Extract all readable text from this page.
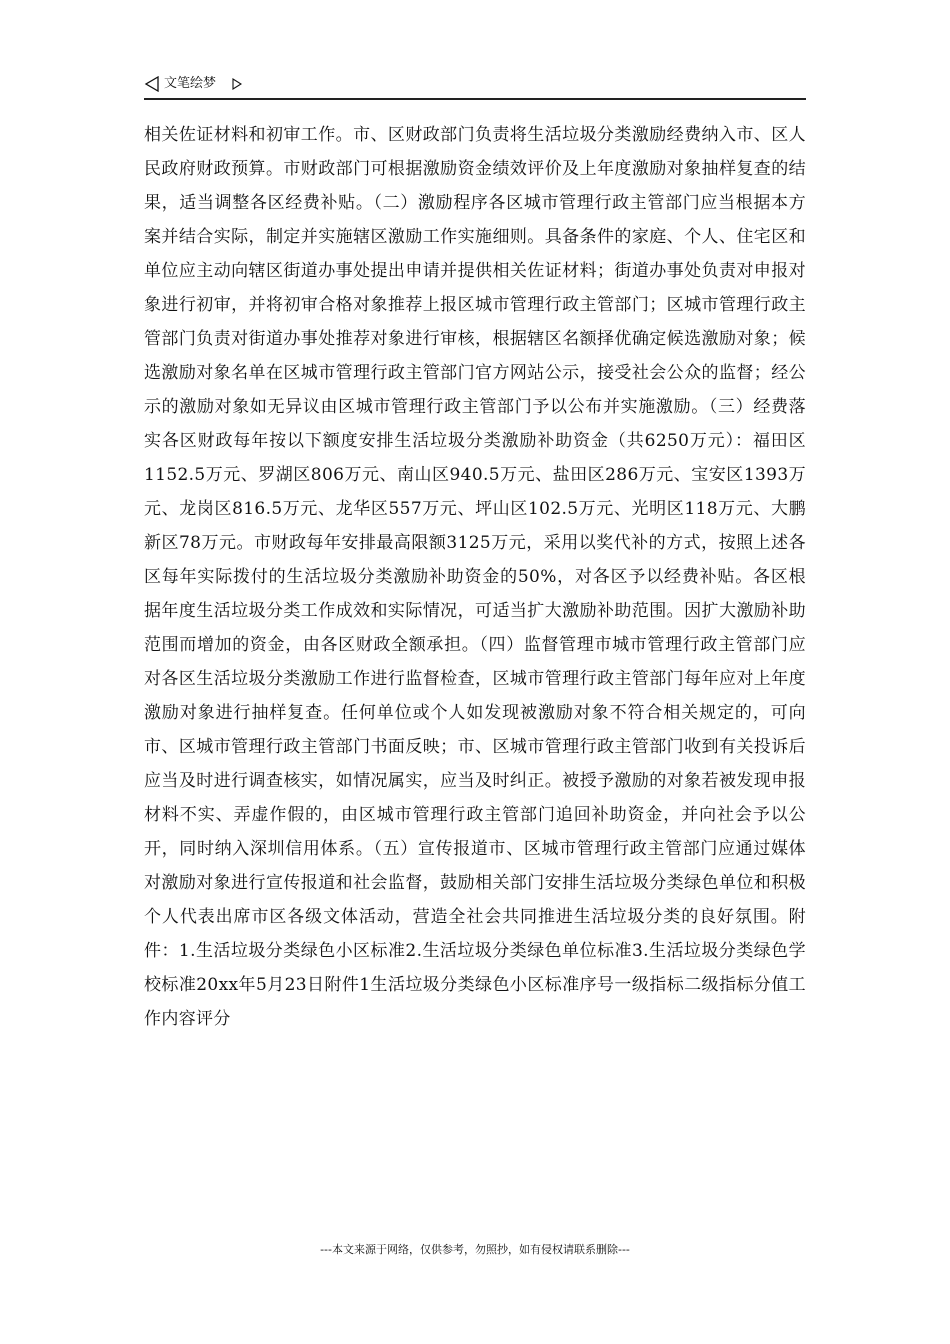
文笔绘梦

相关佐证材料和初审工作。市、区财政部门负责将生活垃圾分类激励经费纳入市、区人民政府财政预算。市财政部门可根据激励资金绩效评价及上年度激励对象抽样复查的结果，适当调整各区经费补贴。（二）激励程序各区城市管理行政主管部门应当根据本方案并结合实际，制定并实施辖区激励工作实施细则。具备条件的家庭、个人、住宅区和单位应主动向辖区街道办事处提出申请并提供相关佐证材料；街道办事处负责对申报对象进行初审，并将初审合格对象推荐上报区城市管理行政主管部门；区城市管理行政主管部门负责对街道办事处推荐对象进行审核，根据辖区名额择优确定候选激励对象；候选激励对象名单在区城市管理行政主管部门官方网站公示，接受社会公众的监督；经公示的激励对象如无异议由区城市管理行政主管部门予以公布并实施激励。（三）经费落实各区财政每年按以下额度安排生活垃圾分类激励补助资金（共6250万元）：福田区1152.5万元、罗湖区806万元、南山区940.5万元、盐田区286万元、宝安区1393万元、龙岗区816.5万元、龙华区557万元、坪山区102.5万元、光明区118万元、大鹏新区78万元。市财政每年安排最高限额3125万元，采用以奖代补的方式，按照上述各区每年实际拨付的生活垃圾分类激励补助资金的50%，对各区予以经费补贴。各区根据年度生活垃圾分类工作成效和实际情况，可适当扩大激励补助范围。因扩大激励补助范围而增加的资金，由各区财政全额承担。（四）监督管理市城市管理行政主管部门应对各区生活垃圾分类激励工作进行监督检查，区城市管理行政主管部门每年应对上年度激励对象进行抽样复查。任何单位或个人如发现被激励对象不符合相关规定的，可向市、区城市管理行政主管部门书面反映；市、区城市管理行政主管部门收到有关投诉后应当及时进行调查核实，如情况属实，应当及时纠正。被授予激励的对象若被发现申报材料不实、弄虚作假的，由区城市管理行政主管部门追回补助资金，并向社会予以公开，同时纳入深圳信用体系。（五）宣传报道市、区城市管理行政主管部门应通过媒体对激励对象进行宣传报道和社会监督，鼓励相关部门安排生活垃圾分类绿色单位和积极个人代表出席市区各级文体活动，营造全社会共同推进生活垃圾分类的良好氛围。附件：1.生活垃圾分类绿色小区标准2.生活垃圾分类绿色单位标准3.生活垃圾分类绿色学校标准20xx年5月23日附件1生活垃圾分类绿色小区标准序号一级指标二级指标分值工作内容评分

---本文来源于网络，仅供参考，勿照抄，如有侵权请联系删除---
